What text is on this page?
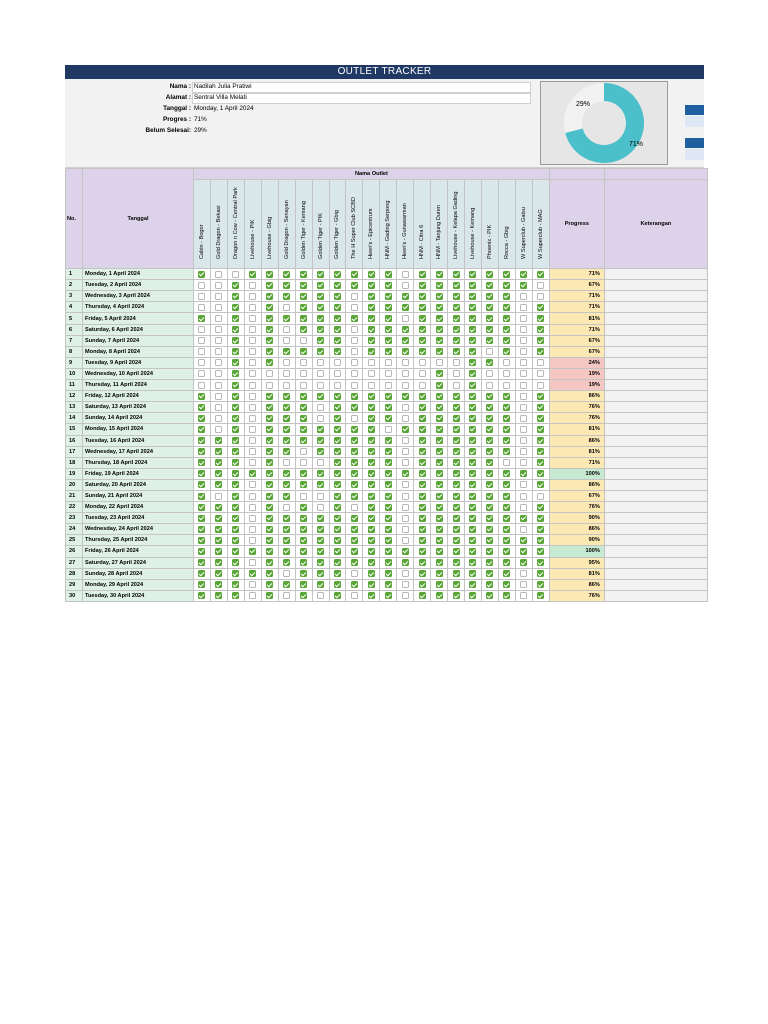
OUTLET TRACKER
Nama : Nadilah Julia Pratiwi
Alamat : Sentral Villa Melati
Tanggal : Monday, 1 April 2024
Progres : 71%
Belum Selesai: 29%
29%
71%
No.	Tanggal	Nama Outlet																						

		Cabin - Bogor	Gold Dragon - Bekasi	Dragon n Cow - Central Park	Livehouse - PIK	Livehouse - Gbig	Gold Dragon - Senayan	Golden Tiger - Kemang	Golden Tiger - PIK	Golden Tiger - Gbig	The H Super Club SCBD	Heen's - Epicentrum	HNM - Gading Serpong	Heen's - Gunawarman	HNM - Citra 6	HNM - Tanjung Duren	Livehouse - Kelapa Gading	Livehouse - Kemang	Phoenix - PIK	Rocca - Gbig	W Superclub - Gatsu	W Superclub - MAG	Progress	Keterangan
1	Monday, 1 April 2024																						71%	
2	Tuesday, 2 April 2024																						67%	
3	Wednesday, 3 April 2024																						71%	
4	Thursday, 4 April 2024																						71%	
5	Friday, 5 April 2024																						81%	
6	Saturday, 6 April 2024																						71%	
7	Sunday, 7 April 2024																						67%	
8	Monday, 8 April 2024																						67%	
9	Tuesday, 9 April 2024																						24%	
10	Wednesday, 10 April 2024																						19%	
11	Thursday, 11 April 2024																						19%	
12	Friday, 12 April 2024																						86%	
13	Saturday, 13 April 2024																						76%	
14	Sunday, 14 April 2024																						76%	
15	Monday, 15 April 2024																						81%	
16	Tuesday, 16 April 2024																						86%	
17	Wednesday, 17 April 2024																						81%	
18	Thursday, 18 April 2024																						71%	
19	Friday, 19 April 2024																						100%	
20	Saturday, 20 April 2024																						86%	
21	Sunday, 21 April 2024																						67%	
22	Monday, 22 April 2024																						76%	
23	Tuesday, 23 April 2024																						90%	
24	Wednesday, 24 April 2024																						86%	
25	Thursday, 25 April 2024																						90%	
26	Friday, 26 April 2024																						100%	
27	Saturday, 27 April 2024																						95%	
28	Sunday, 28 April 2024																						81%	
29	Monday, 29 April 2024																						86%	
30	Tuesday, 30 April 2024																						76%	
